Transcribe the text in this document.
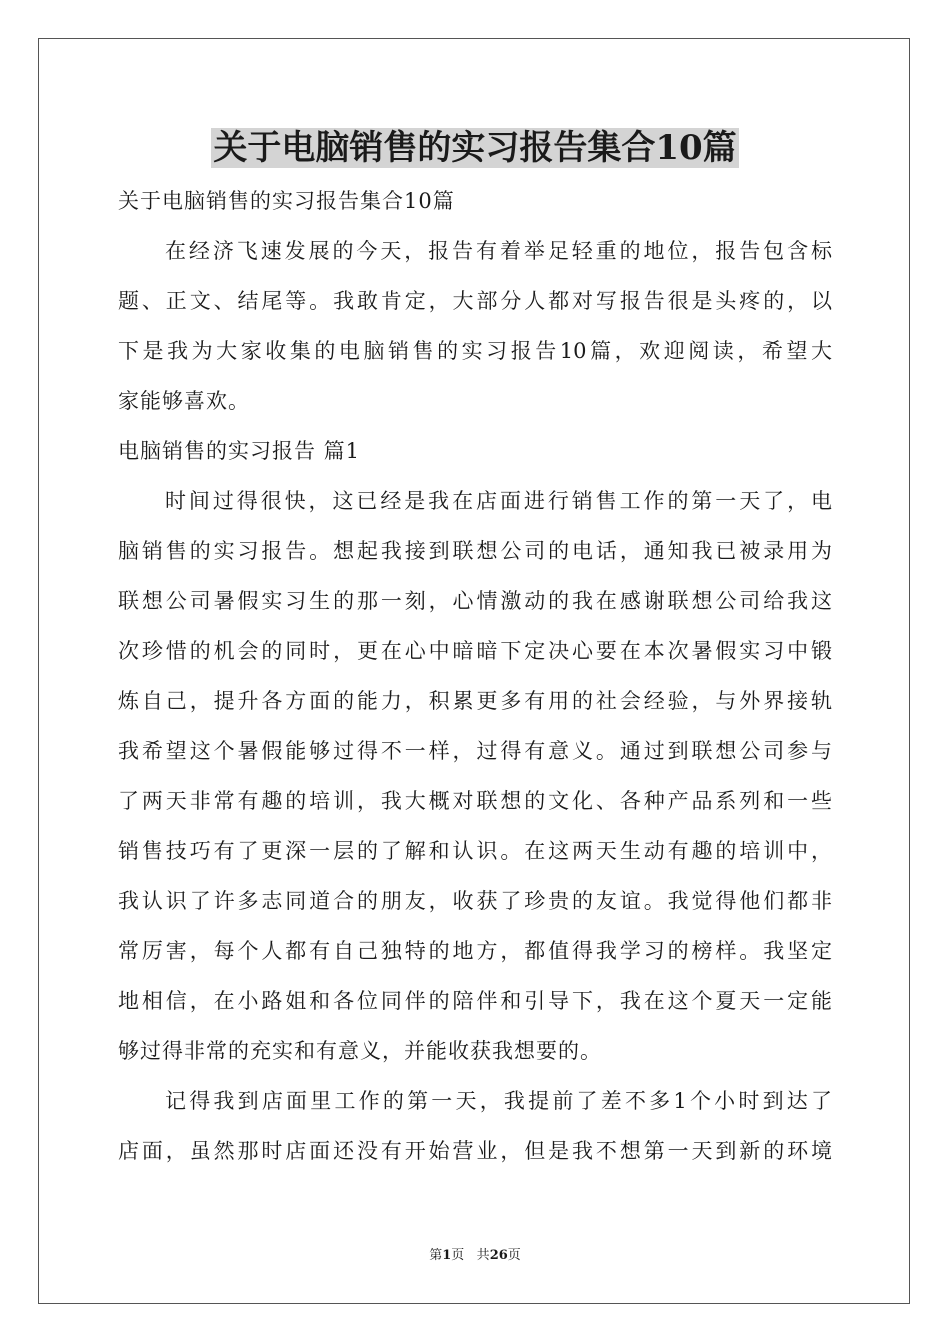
关于电脑销售的实习报告集合10篇
关于电脑销售的实习报告集合10篇
在经济飞速发展的今天，报告有着举足轻重的地位，报告包含标
题、正文、结尾等。我敢肯定，大部分人都对写报告很是头疼的，以
下是我为大家收集的电脑销售的实习报告10篇，欢迎阅读，希望大
家能够喜欢。
电脑销售的实习报告 篇1
时间过得很快，这已经是我在店面进行销售工作的第一天了，电
脑销售的实习报告。想起我接到联想公司的电话，通知我已被录用为
联想公司暑假实习生的那一刻，心情激动的我在感谢联想公司给我这
次珍惜的机会的同时，更在心中暗暗下定决心要在本次暑假实习中锻
炼自己，提升各方面的能力，积累更多有用的社会经验，与外界接轨
我希望这个暑假能够过得不一样，过得有意义。通过到联想公司参与
了两天非常有趣的培训，我大概对联想的文化、各种产品系列和一些
销售技巧有了更深一层的了解和认识。在这两天生动有趣的培训中，
我认识了许多志同道合的朋友，收获了珍贵的友谊。我觉得他们都非
常厉害，每个人都有自己独特的地方，都值得我学习的榜样。我坚定
地相信，在小路姐和各位同伴的陪伴和引导下，我在这个夏天一定能
够过得非常的充实和有意义，并能收获我想要的。
记得我到店面里工作的第一天，我提前了差不多1个小时到达了
店面，虽然那时店面还没有开始营业，但是我不想第一天到新的环境
第1页 共26页
